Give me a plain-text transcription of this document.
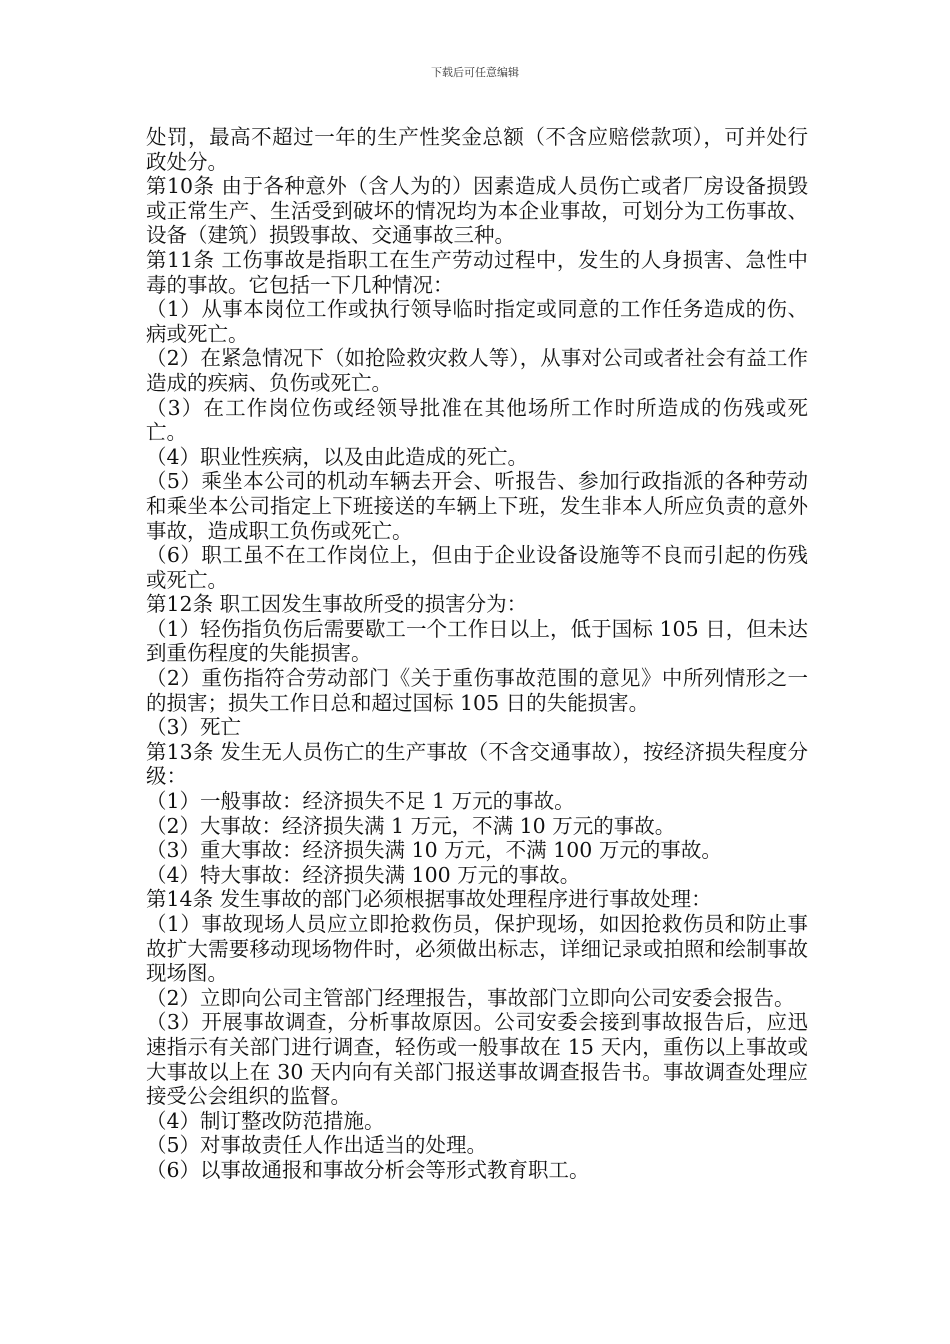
下载后可任意编辑

处罚，最高不超过一年的生产性奖金总额（不含应赔偿款项），可并处行政处分。

第10条 由于各种意外（含人为的）因素造成人员伤亡或者厂房设备损毁或正常生产、生活受到破坏的情况均为本企业事故，可划分为工伤事故、设备（建筑）损毁事故、交通事故三种。

第11条 工伤事故是指职工在生产劳动过程中，发生的人身损害、急性中毒的事故。它包括一下几种情况：

（1）从事本岗位工作或执行领导临时指定或同意的工作任务造成的伤、病或死亡。

（2）在紧急情况下（如抢险救灾救人等），从事对公司或者社会有益工作造成的疾病、负伤或死亡。

（3）在工作岗位伤或经领导批准在其他场所工作时所造成的伤残或死亡。

（4）职业性疾病，以及由此造成的死亡。

（5）乘坐本公司的机动车辆去开会、听报告、参加行政指派的各种劳动和乘坐本公司指定上下班接送的车辆上下班，发生非本人所应负责的意外事故，造成职工负伤或死亡。

（6）职工虽不在工作岗位上，但由于企业设备设施等不良而引起的伤残或死亡。

第12条 职工因发生事故所受的损害分为：

（1）轻伤指负伤后需要歇工一个工作日以上，低于国标 105 日，但未达到重伤程度的失能损害。

（2）重伤指符合劳动部门《关于重伤事故范围的意见》中所列情形之一的损害；损失工作日总和超过国标 105 日的失能损害。

（3）死亡

第13条 发生无人员伤亡的生产事故（不含交通事故），按经济损失程度分级：

（1）一般事故：经济损失不足 1 万元的事故。

（2）大事故：经济损失满 1 万元，不满 10 万元的事故。

（3）重大事故：经济损失满 10 万元，不满 100 万元的事故。

（4）特大事故：经济损失满 100 万元的事故。

第14条 发生事故的部门必须根据事故处理程序进行事故处理：

（1）事故现场人员应立即抢救伤员，保护现场，如因抢救伤员和防止事故扩大需要移动现场物件时，必须做出标志，详细记录或拍照和绘制事故现场图。

（2）立即向公司主管部门经理报告，事故部门立即向公司安委会报告。

（3）开展事故调查，分析事故原因。公司安委会接到事故报告后，应迅速指示有关部门进行调查，轻伤或一般事故在 15 天内，重伤以上事故或大事故以上在 30 天内向有关部门报送事故调查报告书。事故调查处理应接受公会组织的监督。

（4）制订整改防范措施。

（5）对事故责任人作出适当的处理。

（6）以事故通报和事故分析会等形式教育职工。
